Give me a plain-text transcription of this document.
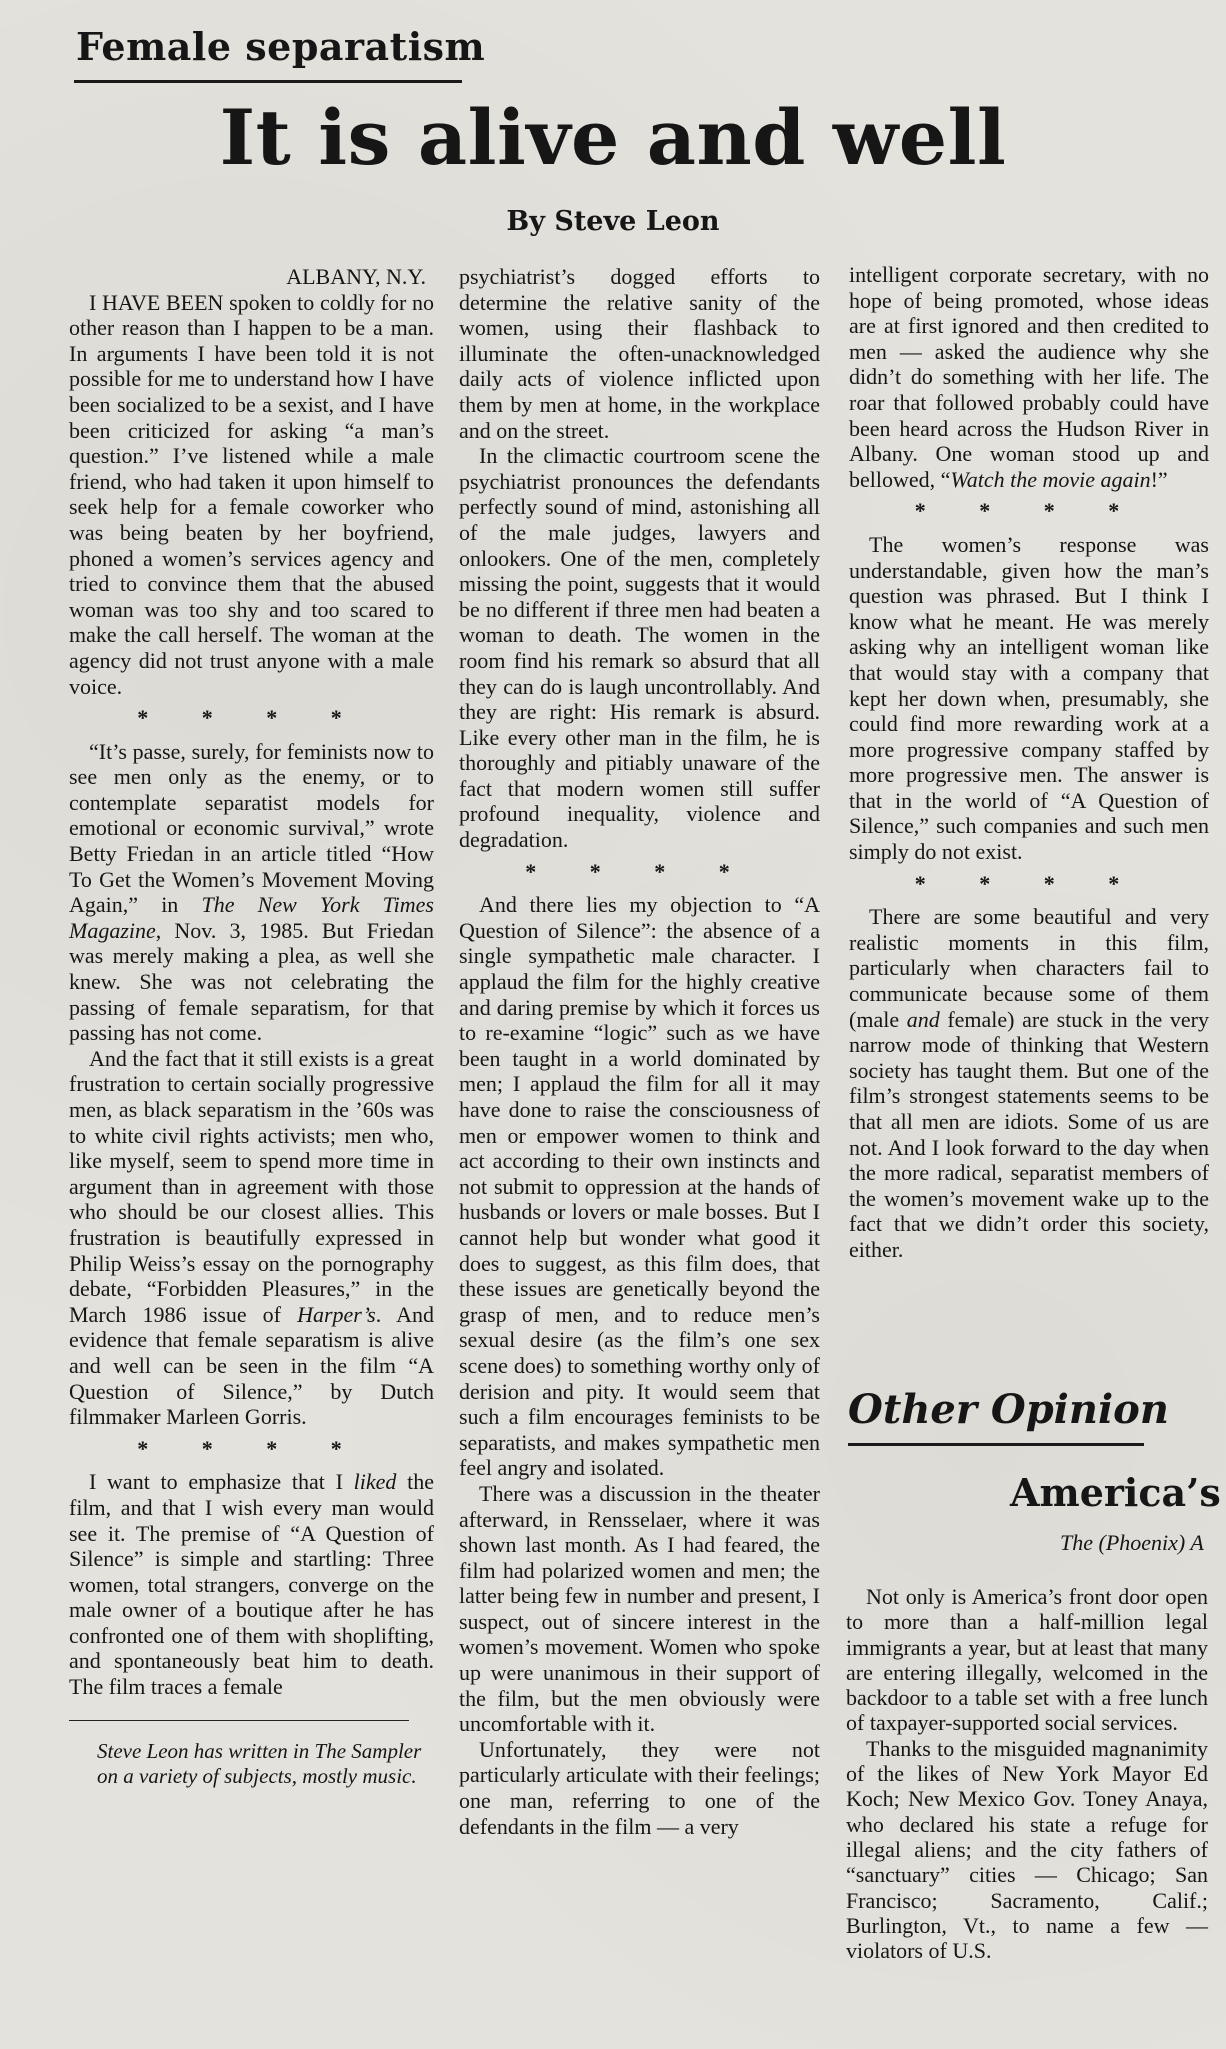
Female separatism
It is alive and well
By Steve Leon
ALBANY, N.Y.

I HAVE BEEN spoken to coldly for no other reason than I happen to be a man. In arguments I have been told it is not possible for me to understand how I have been socialized to be a sexist, and I have been criticized for asking “a man’s question.” I’ve listened while a male friend, who had taken it upon himself to seek help for a female coworker who was being beaten by her boyfriend, phoned a women’s services agency and tried to convince them that the abused woman was too shy and too scared to make the call herself. The woman at the agency did not trust anyone with a male voice.

* * * *

“It’s passe, surely, for feminists now to see men only as the enemy, or to contemplate separatist models for emotional or economic survival,” wrote Betty Friedan in an article titled “How To Get the Women’s Movement Moving Again,” in The New York Times Magazine, Nov. 3, 1985. But Friedan was merely making a plea, as well she knew. She was not celebrating the passing of female separatism, for that passing has not come.

And the fact that it still exists is a great frustration to certain socially progressive men, as black separatism in the ’60s was to white civil rights activists; men who, like myself, seem to spend more time in argument than in agreement with those who should be our closest allies. This frustration is beautifully expressed in Philip Weiss’s essay on the pornography debate, “Forbidden Pleasures,” in the March 1986 issue of Harper’s. And evidence that female separatism is alive and well can be seen in the film “A Question of Silence,” by Dutch filmmaker Marleen Gorris.

* * * *

I want to emphasize that I liked the film, and that I wish every man would see it. The premise of “A Question of Silence” is simple and startling: Three women, total strangers, converge on the male owner of a boutique after he has confronted one of them with shoplifting, and spontaneously beat him to death. The film traces a female

Steve Leon has written in The Sampler on a variety of subjects, mostly music.

psychiatrist’s dogged efforts to determine the relative sanity of the women, using their flashback to illuminate the often-unacknowledged daily acts of violence inflicted upon them by men at home, in the workplace and on the street.

In the climactic courtroom scene the psychiatrist pronounces the defendants perfectly sound of mind, astonishing all of the male judges, lawyers and onlookers. One of the men, completely missing the point, suggests that it would be no different if three men had beaten a woman to death. The women in the room find his remark so absurd that all they can do is laugh uncontrollably. And they are right: His remark is absurd. Like every other man in the film, he is thoroughly and pitiably unaware of the fact that modern women still suffer profound inequality, violence and degradation.

* * * *

And there lies my objection to “A Question of Silence”: the absence of a single sympathetic male character. I applaud the film for the highly creative and daring premise by which it forces us to re-examine “logic” such as we have been taught in a world dominated by men; I applaud the film for all it may have done to raise the consciousness of men or empower women to think and act according to their own instincts and not submit to oppression at the hands of husbands or lovers or male bosses. But I cannot help but wonder what good it does to suggest, as this film does, that these issues are genetically beyond the grasp of men, and to reduce men’s sexual desire (as the film’s one sex scene does) to something worthy only of derision and pity. It would seem that such a film encourages feminists to be separatists, and makes sympathetic men feel angry and isolated.

There was a discussion in the theater afterward, in Rensselaer, where it was shown last month. As I had feared, the film had polarized women and men; the latter being few in number and present, I suspect, out of sincere interest in the women’s movement. Women who spoke up were unanimous in their support of the film, but the men obviously were uncomfortable with it.

Unfortunately, they were not particularly articulate with their feelings; one man, referring to one of the defendants in the film — a very

intelligent corporate secretary, with no hope of being promoted, whose ideas are at first ignored and then credited to men — asked the audience why she didn’t do something with her life. The roar that followed probably could have been heard across the Hudson River in Albany. One woman stood up and bellowed, “Watch the movie again!”

* * * *

The women’s response was understandable, given how the man’s question was phrased. But I think I know what he meant. He was merely asking why an intelligent woman like that would stay with a company that kept her down when, presumably, she could find more rewarding work at a more progressive company staffed by more progressive men. The answer is that in the world of “A Question of Silence,” such companies and such men simply do not exist.

* * * *

There are some beautiful and very realistic moments in this film, particularly when characters fail to communicate because some of them (male and female) are stuck in the very narrow mode of thinking that Western society has taught them. But one of the film’s strongest statements seems to be that all men are idiots. Some of us are not. And I look forward to the day when the more radical, separatist members of the women’s movement wake up to the fact that we didn’t order this society, either.

Other Opinion
America’s
The (Phoenix) A

Not only is America’s front door open to more than a half-million legal immigrants a year, but at least that many are entering illegally, welcomed in the backdoor to a table set with a free lunch of taxpayer-supported social services.

Thanks to the misguided magnanimity of the likes of New York Mayor Ed Koch; New Mexico Gov. Toney Anaya, who declared his state a refuge for illegal aliens; and the city fathers of “sanctuary” cities — Chicago; San Francisco; Sacramento, Calif.; Burlington, Vt., to name a few — violators of U.S.
